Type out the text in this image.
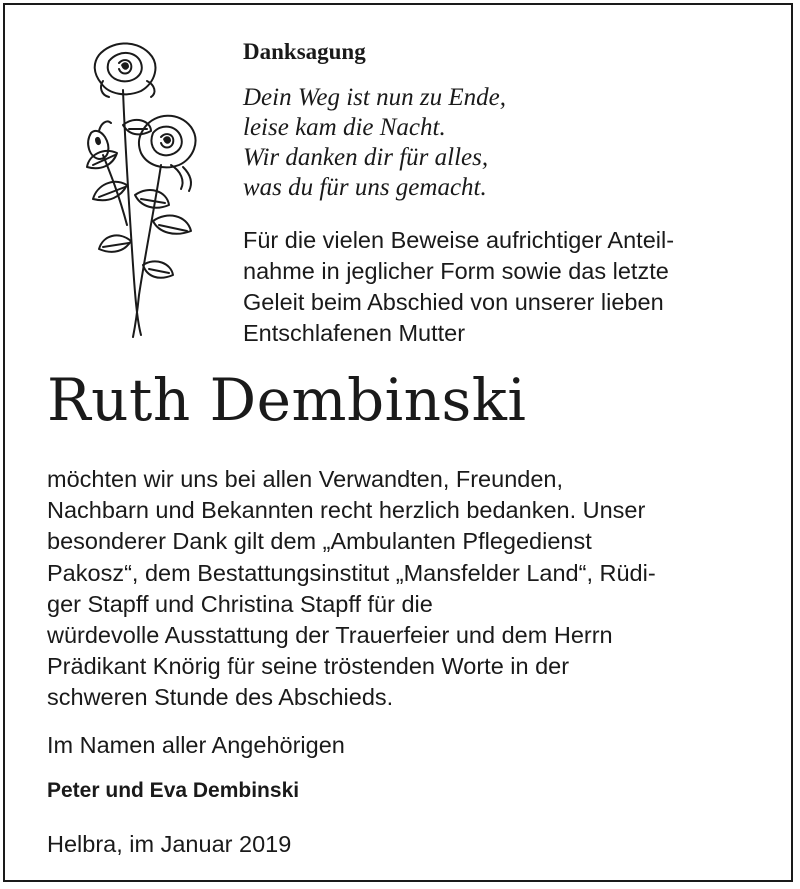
Danksagung
Dein Weg ist nun zu Ende,
leise kam die Nacht.
Wir danken dir für alles,
was du für uns gemacht.
Für die vielen Beweise aufrichtiger Anteil-
nahme in jeglicher Form sowie das letzte
Geleit beim Abschied von unserer lieben
Entschlafenen Mutter
Ruth Dembinski
möchten wir uns bei allen Verwandten, Freunden,
Nachbarn und Bekannten recht herzlich bedanken. Unser
besonderer Dank gilt dem „Ambulanten Pflegedienst
Pakosz“, dem Bestattungsinstitut „Mansfelder Land“, Rüdi-
ger Stapff und Christina Stapff für die
würdevolle Ausstattung der Trauerfeier und dem Herrn
Prädikant Knörig für seine tröstenden Worte in der
schweren Stunde des Abschieds.
Im Namen aller Angehörigen
Peter und Eva Dembinski
Helbra, im Januar 2019
